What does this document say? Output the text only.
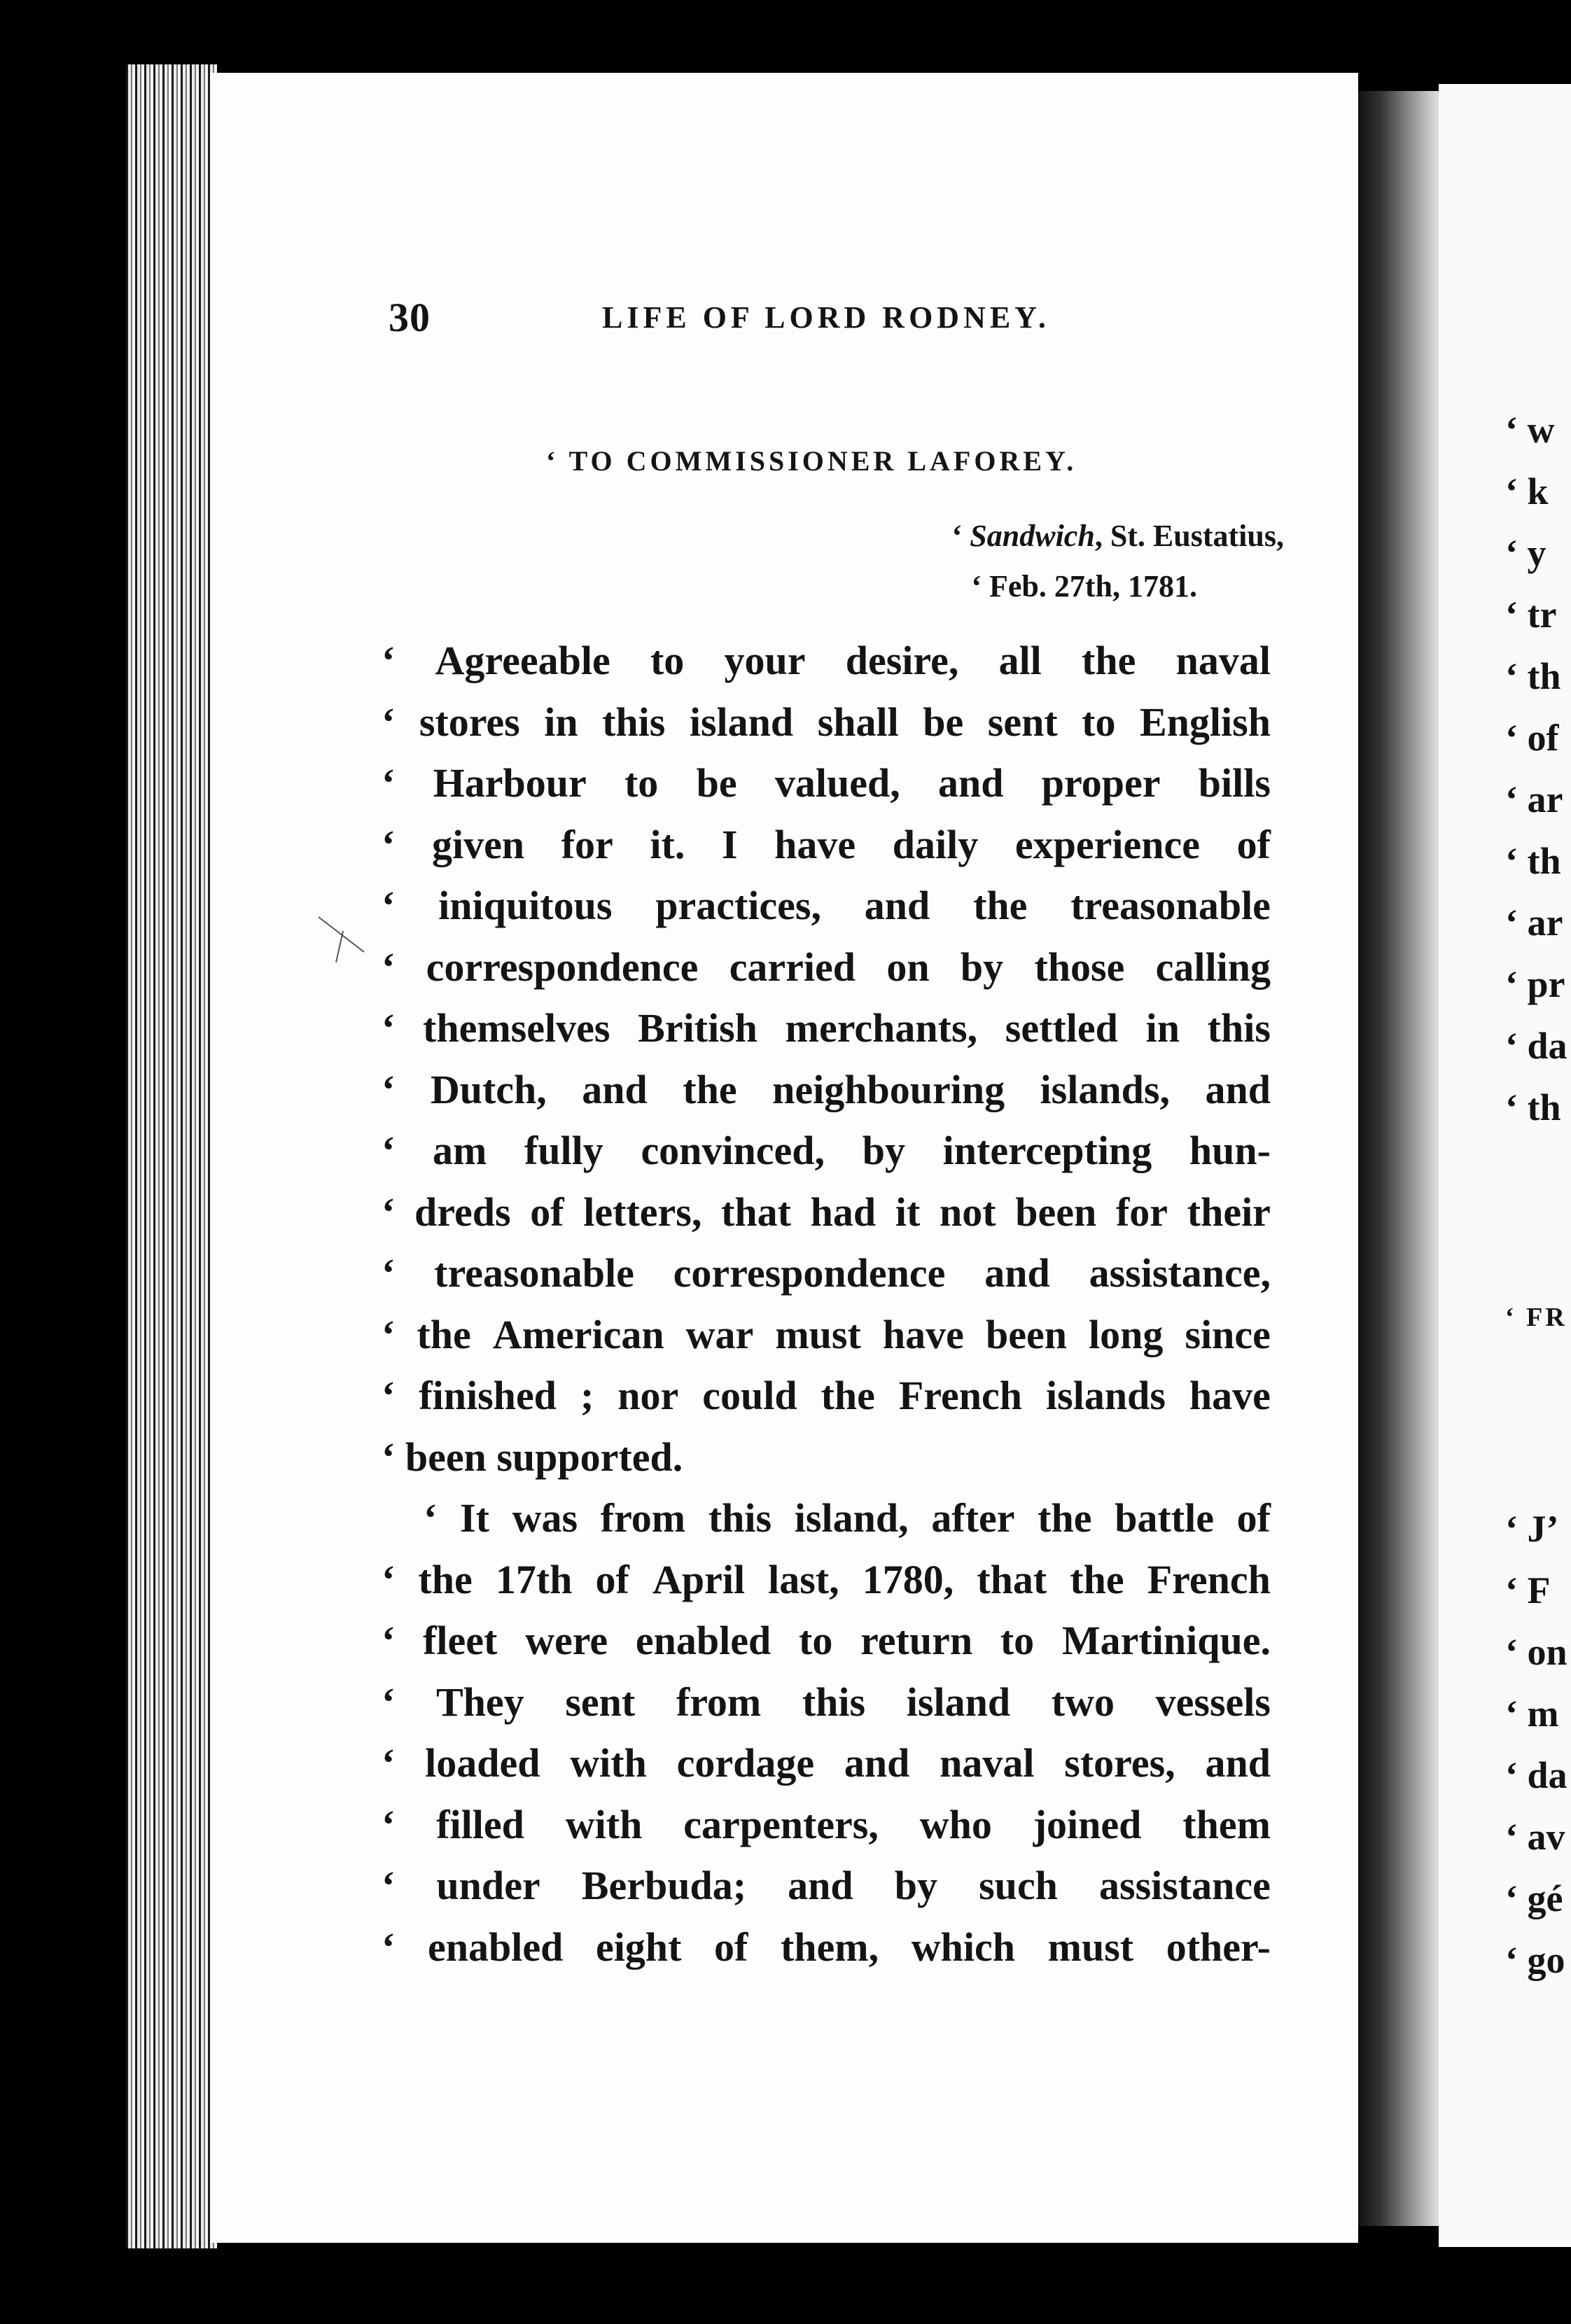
30	LIFE OF LORD RODNEY.
‘ TO COMMISSIONER LAFOREY.
‘ Sandwich, St. Eustatius,
‘ Feb. 27th, 1781.
‘ Agreeable to your desire, all the naval
‘ stores in this island shall be sent to English
‘ Harbour to be valued, and proper bills
‘ given for it. I have daily experience of
‘ iniquitous practices, and the treasonable
‘ correspondence carried on by those calling
‘ themselves British merchants, settled in this
‘ Dutch, and the neighbouring islands, and
‘ am fully convinced, by intercepting hun-
‘ dreds of letters, that had it not been for their
‘ treasonable correspondence and assistance,
‘ the American war must have been long since
‘ finished ; nor could the French islands have
‘ been supported.
‘ It was from this island, after the battle of
‘ the 17th of April last, 1780, that the French
‘ fleet were enabled to return to Martinique.
‘ They sent from this island two vessels
‘ loaded with cordage and naval stores, and
‘ filled with carpenters, who joined them
‘ under Berbuda; and by such assistance
‘ enabled eight of them, which must other-
‘ w
‘ k
‘ y
‘ tr
‘ th
‘ of
‘ ar
‘ th
‘ ar
‘ pr
‘ da
‘ th
‘ FR
‘ J’
‘ F
‘ on
‘ m
‘ da
‘ av
‘ gé
‘ go
